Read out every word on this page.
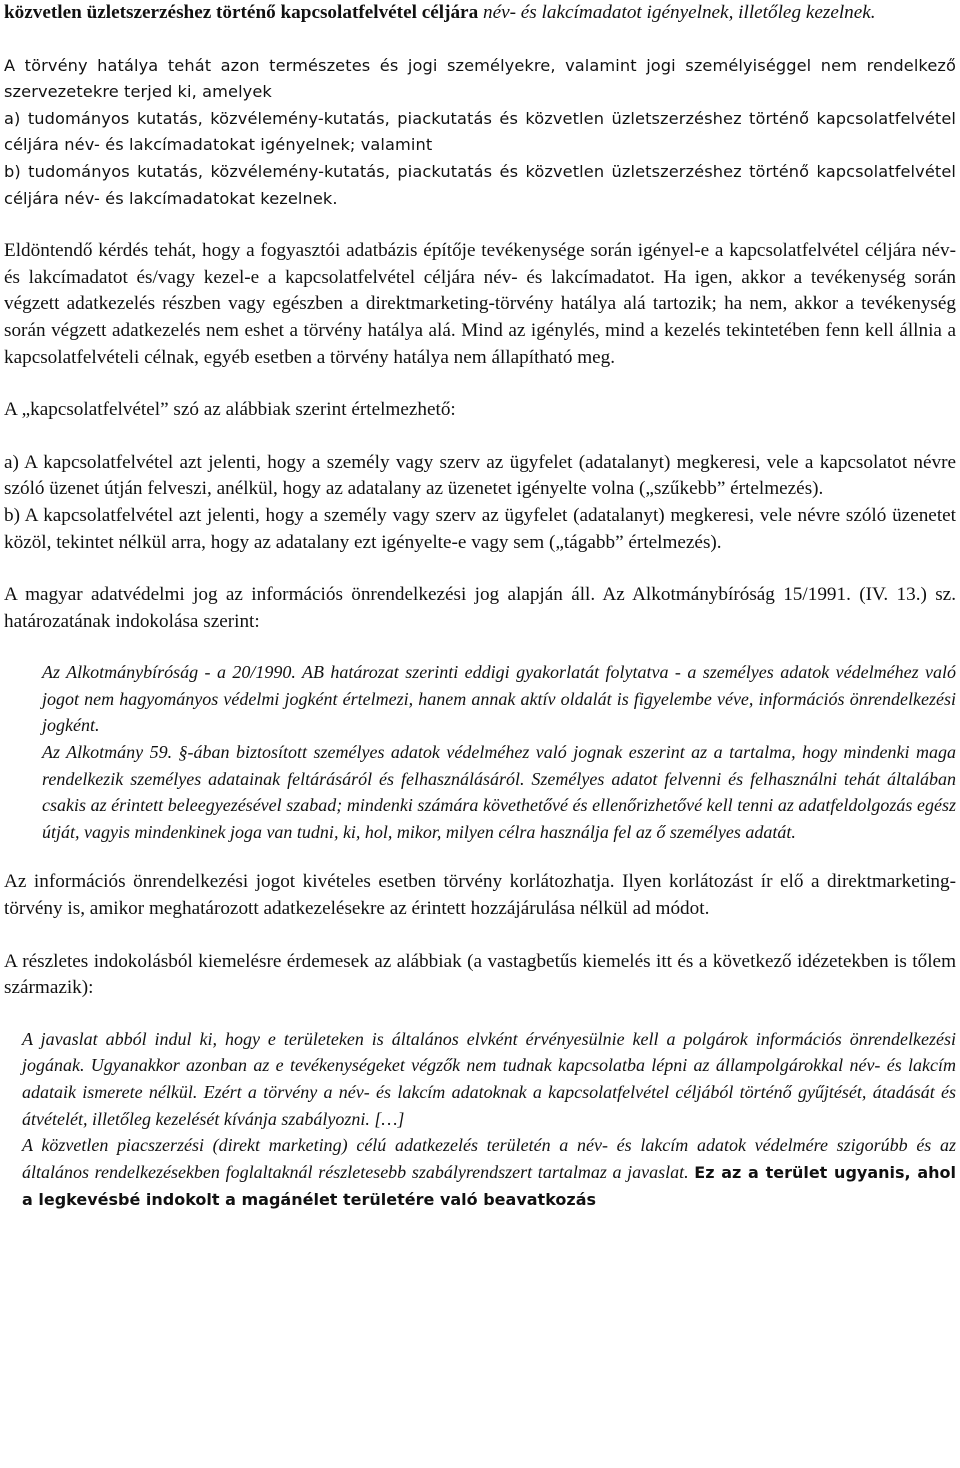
közvetlen üzletszerzéshez történő kapcsolatfelvétel céljára név- és lakcímadatot igényelnek, illetőleg kezelnek.

A törvény hatálya tehát azon természetes és jogi személyekre, valamint jogi személyiséggel nem rendelkező szervezetekre terjed ki, amelyek

a) tudományos kutatás, közvélemény-kutatás, piackutatás és közvetlen üzletszerzéshez történő kapcsolatfelvétel céljára név- és lakcímadatokat igényelnek; valamint

b) tudományos kutatás, közvélemény-kutatás, piackutatás és közvetlen üzletszerzéshez történő kapcsolatfelvétel céljára név- és lakcímadatokat kezelnek.

Eldöntendő kérdés tehát, hogy a fogyasztói adatbázis építője tevékenysége során igényel-e a kapcsolatfelvétel céljára név- és lakcímadatot és/vagy kezel-e a kapcsolatfelvétel céljára név- és lakcímadatot. Ha igen, akkor a tevékenység során végzett adatkezelés részben vagy egészben a direktmarketing-törvény hatálya alá tartozik; ha nem, akkor a tevékenység során végzett adatkezelés nem eshet a törvény hatálya alá. Mind az igénylés, mind a kezelés tekintetében fenn kell állnia a kapcsolatfelvételi célnak, egyéb esetben a törvény hatálya nem állapítható meg.

A „kapcsolatfelvétel” szó az alábbiak szerint értelmezhető:

a) A kapcsolatfelvétel azt jelenti, hogy a személy vagy szerv az ügyfelet (adatalanyt) megkeresi, vele a kapcsolatot névre szóló üzenet útján felveszi, anélkül, hogy az adatalany az üzenetet igényelte volna („szűkebb” értelmezés).

b) A kapcsolatfelvétel azt jelenti, hogy a személy vagy szerv az ügyfelet (adatalanyt) megkeresi, vele névre szóló üzenetet közöl, tekintet nélkül arra, hogy az adatalany ezt igényelte-e vagy sem („tágabb” értelmezés).

A magyar adatvédelmi jog az információs önrendelkezési jog alapján áll. Az Alkotmánybíróság 15/1991. (IV. 13.) sz. határozatának indokolása szerint:

Az Alkotmánybíróság - a 20/1990. AB határozat szerinti eddigi gyakorlatát folytatva - a személyes adatok védelméhez való jogot nem hagyományos védelmi jogként értelmezi, hanem annak aktív oldalát is figyelembe véve, információs önrendelkezési jogként.

Az Alkotmány 59. §-ában biztosított személyes adatok védelméhez való jognak eszerint az a tartalma, hogy mindenki maga rendelkezik személyes adatainak feltárásáról és felhasználásáról. Személyes adatot felvenni és felhasználni tehát általában csakis az érintett beleegyezésével szabad; mindenki számára követhetővé és ellenőrizhetővé kell tenni az adatfeldolgozás egész útját, vagyis mindenkinek joga van tudni, ki, hol, mikor, milyen célra használja fel az ő személyes adatát.

Az információs önrendelkezési jogot kivételes esetben törvény korlátozhatja. Ilyen korlátozást ír elő a direktmarketing-törvény is, amikor meghatározott adatkezelésekre az érintett hozzájárulása nélkül ad módot.

A részletes indokolásból kiemelésre érdemesek az alábbiak (a vastagbetűs kiemelés itt és a következő idézetekben is tőlem származik):

A javaslat abból indul ki, hogy e területeken is általános elvként érvényesülnie kell a polgárok információs önrendelkezési jogának. Ugyanakkor azonban az e tevékenységeket végzők nem tudnak kapcsolatba lépni az állampolgárokkal név- és lakcím adataik ismerete nélkül. Ezért a törvény a név- és lakcím adatoknak a kapcsolatfelvétel céljából történő gyűjtését, átadását és átvételét, illetőleg kezelését kívánja szabályozni. […]

A közvetlen piacszerzési (direkt marketing) célú adatkezelés területén a név- és lakcím adatok védelmére szigorúbb és az általános rendelkezésekben foglaltaknál részletesebb szabályrendszert tartalmaz a javaslat. Ez az a terület ugyanis, ahol a legkevésbé indokolt a magánélet területére való beavatkozás
